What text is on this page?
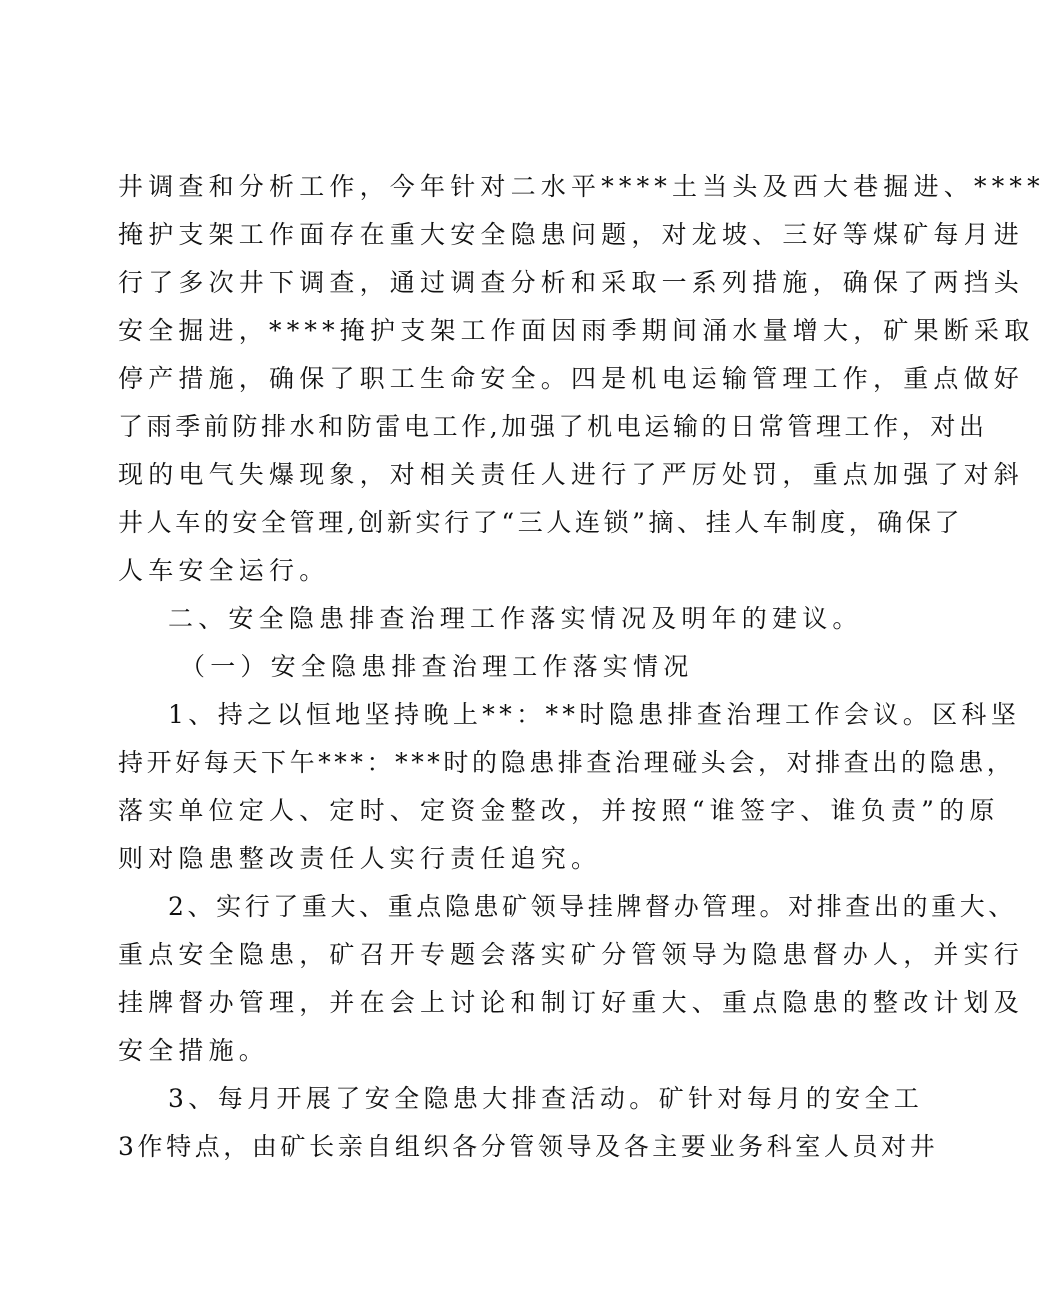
井调查和分析工作，今年针对二水平****土当头及西大巷掘进、****
掩护支架工作面存在重大安全隐患问题，对龙坡、三好等煤矿每月进
行了多次井下调查，通过调查分析和采取一系列措施，确保了两挡头
安全掘进，****掩护支架工作面因雨季期间涌水量增大，矿果断采取
停产措施，确保了职工生命安全。四是机电运输管理工作，重点做好
了雨季前防排水和防雷电工作,加强了机电运输的日常管理工作，对出
现的电气失爆现象，对相关责任人进行了严厉处罚，重点加强了对斜
井人车的安全管理,创新实行了“三人连锁”摘、挂人车制度，确保了
人车安全运行。
二、安全隐患排查治理工作落实情况及明年的建议。
（一）安全隐患排查治理工作落实情况
1、持之以恒地坚持晚上**：**时隐患排查治理工作会议。区科坚
持开好每天下午***：***时的隐患排查治理碰头会，对排查出的隐患，
落实单位定人、定时、定资金整改，并按照“谁签字、谁负责”的原
则对隐患整改责任人实行责任追究。
2、实行了重大、重点隐患矿领导挂牌督办管理。对排查出的重大、
重点安全隐患，矿召开专题会落实矿分管领导为隐患督办人，并实行
挂牌督办管理，并在会上讨论和制订好重大、重点隐患的整改计划及
安全措施。
3、每月开展了安全隐患大排查活动。矿针对每月的安全工
3作特点，由矿长亲自组织各分管领导及各主要业务科室人员对井
